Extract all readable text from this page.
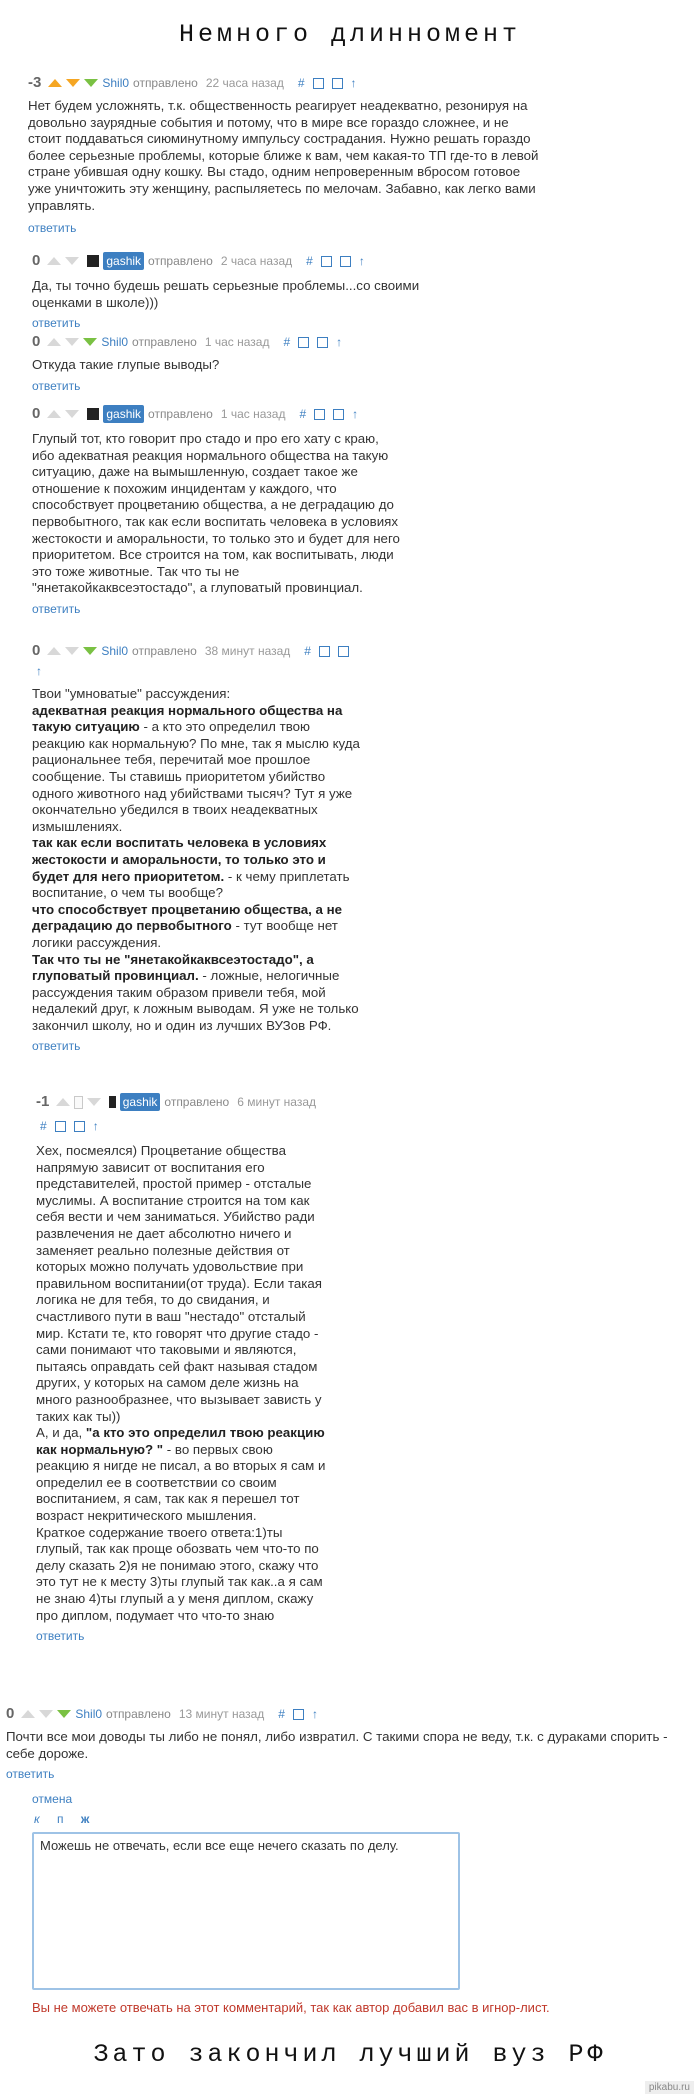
Немного длинномент
-3	Shil0 отправлено 22 часа назад #	↑
Нет будем усложнять, т.к. общественность реагирует неадекватно, резонируя на довольно заурядные события и потому, что в мире все гораздо сложнее, и не стоит поддаваться сиюминутному импульсу сострадания. Нужно решать гораздо более серьезные проблемы, которые ближе к вам, чем какая-то ТП где-то в левой стране убившая одну кошку. Вы стадо, одним непроверенным вбросом готовое уже уничтожить эту женщину, распыляетесь по мелочам. Забавно, как легко вами управлять.
ответить
0	gashik отправлено 2 часа назад #	↑
Да, ты точно будешь решать серьезные проблемы...со своими оценками в школе)))
ответить
0	Shil0 отправлено 1 час назад #	↑
Откуда такие глупые выводы?
ответить
0	gashik отправлено 1 час назад #	↑
Глупый тот, кто говорит про стадо и про его хату с краю, ибо адекватная реакция нормального общества на такую ситуацию, даже на вымышленную, создает такое же отношение к похожим инцидентам у каждого, что способствует процветанию общества, а не деградацию до первобытного, так как если воспитать человека в условиях жестокости и аморальности, то только это и будет для него приоритетом. Все строится на том, как воспитывать, люди это тоже животные. Так что ты не "янетакойкаквсеэтостадо", а глуповатый провинциал.
ответить
0	Shil0 отправлено 38 минут назад #
↑
Твои "умноватые" рассуждения:
адекватная реакция нормального общества на такую ситуацию - а кто это определил твою реакцию как нормальную? По мне, так я мыслю куда рациональнее тебя, перечитай мое прошлое сообщение. Ты ставишь приоритетом убийство одного животного над убийствами тысяч? Тут я уже окончательно убедился в твоих неадекватных измышлениях.
так как если воспитать человека в условиях жестокости и аморальности, то только это и будет для него приоритетом. - к чему приплетать воспитание, о чем ты вообще?
что способствует процветанию общества, а не деградацию до первобытного - тут вообще нет логики рассуждения.
Так что ты не "янетакойкаквсеэтостадо", а глуповатый провинциал. - ложные, нелогичные рассуждения таким образом привели тебя, мой недалекий друг, к ложным выводам. Я уже не только закончил школу, но и один из лучших ВУЗов РФ.
ответить
-1	gashik отправлено 6 минут назад
#	↑
Хех, посмеялся) Процветание общества напрямую зависит от воспитания его представителей, простой пример - отсталые муслимы. А воспитание строится на том как себя вести и чем заниматься. Убийство ради развлечения не дает абсолютно ничего и заменяет реально полезные действия от которых можно получать удовольствие при правильном воспитании(от труда). Если такая логика не для тебя, то до свидания, и счастливого пути в ваш "нестадо" отсталый мир. Кстати те, кто говорят что другие стадо - сами понимают что таковыми и являются, пытаясь оправдать сей факт называя стадом других, у которых на самом деле жизнь на много разнообразнее, что вызывает зависть у таких как ты))
А, и да, "а кто это определил твою реакцию как нормальную? " - во первых свою реакцию я нигде не писал, а во вторых я сам и определил ее в соответствии со своим воспитанием, я сам, так как я перешел тот возраст некритического мышления.
Краткое содержание твоего ответа:1)ты глупый, так как проще обозвать чем что-то по делу сказать 2)я не понимаю этого, скажу что это тут не к месту 3)ты глупый так как..а я сам не знаю 4)ты глупый а у меня диплом, скажу про диплом, подумает что что-то знаю
ответить
0	Shil0 отправлено 13 минут назад # ↑
Почти все мои доводы ты либо не понял, либо извратил. С такими спора не веду, т.к. с дураками спорить - себе дороже.
ответить
отмена
к п ж
Можешь не отвечать, если все еще нечего сказать по делу.
Вы не можете отвечать на этот комментарий, так как автор добавил вас в игнор-лист.
Зато закончил лучший вуз РФ
pikabu.ru
